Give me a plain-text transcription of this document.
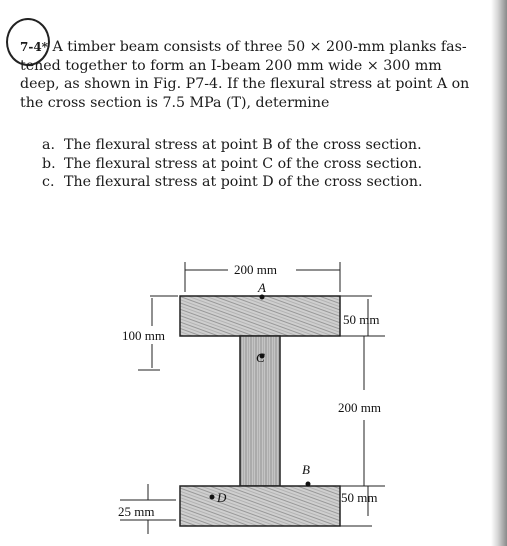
7-4* A timber beam consists of three 50 × 200-mm planks fas-
tened together to form an I-beam 200 mm wide × 300 mm
deep, as shown in Fig. P7-4. If the flexural stress at point A on
the cross section is 7.5 MPa (T), determine
a. The flexural stress at point B of the cross section.
b. The flexural stress at point C of the cross section.
c. The flexural stress at point D of the cross section.
200 mm
A
50 mm
200 mm
50 mm
100 mm
25 mm
C
B
D
